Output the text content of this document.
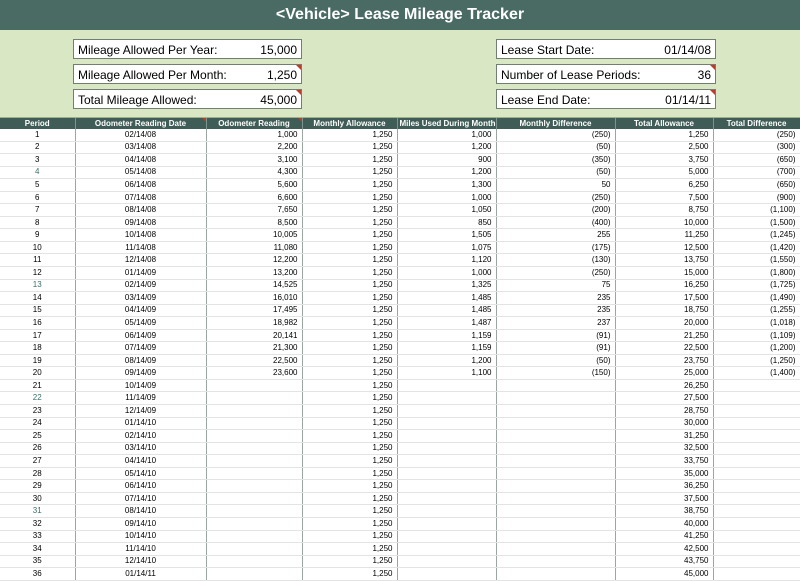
<Vehicle> Lease Mileage Tracker
Mileage Allowed Per Year:	15,000
Mileage Allowed Per Month:	1,250
Total Mileage Allowed:	45,000
Lease Start Date:	01/14/08
Number of Lease Periods:	36
Lease End Date:	01/14/11
Period	Odometer Reading Date	Odometer Reading	Monthly Allowance	Miles Used During Month	Monthly Difference	Total Allowance	Total Difference
1	02/14/08	1,000	1,250	1,000	(250)	1,250	(250)
2	03/14/08	2,200	1,250	1,200	(50)	2,500	(300)
3	04/14/08	3,100	1,250	900	(350)	3,750	(650)
4	05/14/08	4,300	1,250	1,200	(50)	5,000	(700)
5	06/14/08	5,600	1,250	1,300	50	6,250	(650)
6	07/14/08	6,600	1,250	1,000	(250)	7,500	(900)
7	08/14/08	7,650	1,250	1,050	(200)	8,750	(1,100)
8	09/14/08	8,500	1,250	850	(400)	10,000	(1,500)
9	10/14/08	10,005	1,250	1,505	255	11,250	(1,245)
10	11/14/08	11,080	1,250	1,075	(175)	12,500	(1,420)
11	12/14/08	12,200	1,250	1,120	(130)	13,750	(1,550)
12	01/14/09	13,200	1,250	1,000	(250)	15,000	(1,800)
13	02/14/09	14,525	1,250	1,325	75	16,250	(1,725)
14	03/14/09	16,010	1,250	1,485	235	17,500	(1,490)
15	04/14/09	17,495	1,250	1,485	235	18,750	(1,255)
16	05/14/09	18,982	1,250	1,487	237	20,000	(1,018)
17	06/14/09	20,141	1,250	1,159	(91)	21,250	(1,109)
18	07/14/09	21,300	1,250	1,159	(91)	22,500	(1,200)
19	08/14/09	22,500	1,250	1,200	(50)	23,750	(1,250)
20	09/14/09	23,600	1,250	1,100	(150)	25,000	(1,400)
21	10/14/09		1,250			26,250	
22	11/14/09		1,250			27,500	
23	12/14/09		1,250			28,750	
24	01/14/10		1,250			30,000	
25	02/14/10		1,250			31,250	
26	03/14/10		1,250			32,500	
27	04/14/10		1,250			33,750	
28	05/14/10		1,250			35,000	
29	06/14/10		1,250			36,250	
30	07/14/10		1,250			37,500	
31	08/14/10		1,250			38,750	
32	09/14/10		1,250			40,000	
33	10/14/10		1,250			41,250	
34	11/14/10		1,250			42,500	
35	12/14/10		1,250			43,750	
36	01/14/11		1,250			45,000	
